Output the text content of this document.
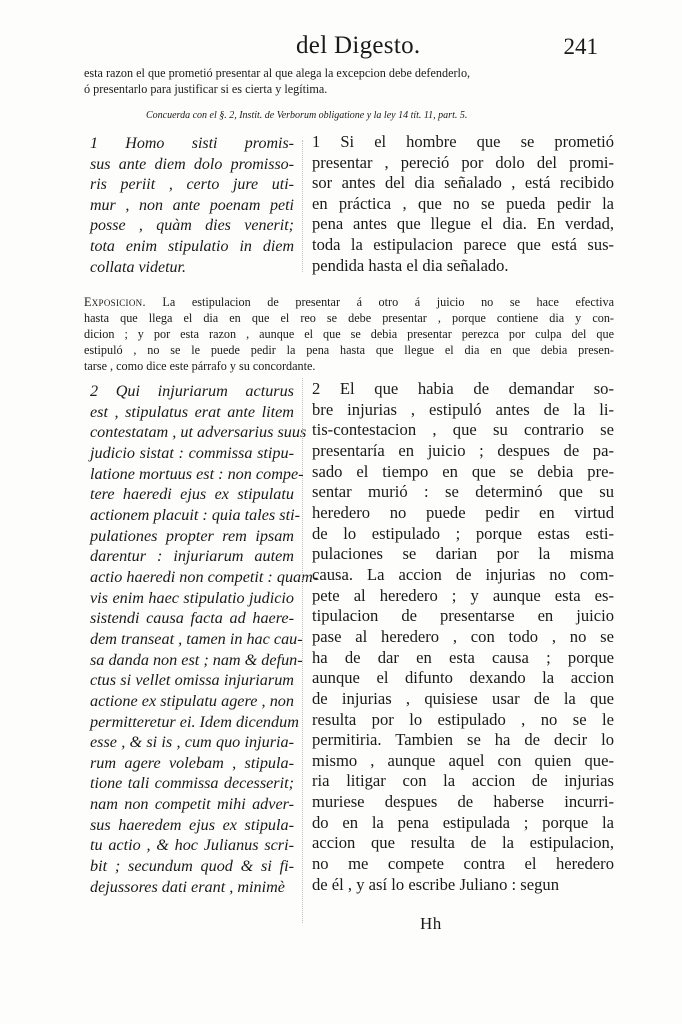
del Digesto.	241

esta razon el que prometió presentar al que alega la excepcion debe defenderlo,

ó presentarlo para justificar si es cierta y legítima.

Concuerda con el §. 2, Instit. de Verborum obligatione y la ley 14 tít. 11, part. 5.
1 Homo sisti promis-
sus ante diem dolo promisso-
ris periit , certo jure uti-
mur , non ante poenam peti
posse , quàm dies venerit;
tota enim stipulatio in diem
collata videtur.
1 Si el hombre que se prometió
presentar , pereció por dolo del promi-
sor antes del dia señalado , está recibido
en práctica , que no se pueda pedir la
pena antes que llegue el dia. En verdad,
toda la estipulacion parece que está sus-
pendida hasta el dia señalado.
Exposicion. La estipulacion de presentar á otro á juicio no se hace efectiva
hasta que llega el dia en que el reo se debe presentar , porque contiene dia y con-
dicion ; y por esta razon , aunque el que se debia presentar perezca por culpa del que
estipuló , no se le puede pedir la pena hasta que llegue el dia en que debia presen-
tarse , como dice este párrafo y su concordante.
2 Qui injuriarum acturus
est , stipulatus erat ante litem
contestatam , ut adversarius suus
judicio sistat : commissa stipu-
latione mortuus est : non compe-
tere haeredi ejus ex stipulatu
actionem placuit : quia tales sti-
pulationes propter rem ipsam
darentur : injuriarum autem
actio haeredi non competit : quam-
vis enim haec stipulatio judicio
sistendi causa facta ad haere-
dem transeat , tamen in hac cau-
sa danda non est ; nam & defun-
ctus si vellet omissa injuriarum
actione ex stipulatu agere , non
permitteretur ei. Idem dicendum
esse , & si is , cum quo injuria-
rum agere volebam , stipula-
tione tali commissa decesserit;
nam non competit mihi adver-
sus haeredem ejus ex stipula-
tu actio , & hoc Julianus scri-
bit ; secundum quod & si fi-
dejussores dati erant , minimè
2 El que habia de demandar so-
bre injurias , estipuló antes de la li-
tis-contestacion , que su contrario se
presentaría en juicio ; despues de pa-
sado el tiempo en que se debia pre-
sentar murió : se determinó que su
heredero no puede pedir en virtud
de lo estipulado ; porque estas esti-
pulaciones se darian por la misma
causa. La accion de injurias no com-
pete al heredero ; y aunque esta es-
tipulacion de presentarse en juicio
pase al heredero , con todo , no se
ha de dar en esta causa ; porque
aunque el difunto dexando la accion
de injurias , quisiese usar de la que
resulta por lo estipulado , no se le
permitiria. Tambien se ha de decir lo
mismo , aunque aquel con quien que-
ria litigar con la accion de injurias
muriese despues de haberse incurri-
do en la pena estipulada ; porque la
accion que resulta de la estipulacion,
no me compete contra el heredero
de él , y así lo escribe Juliano : segun
Hh
